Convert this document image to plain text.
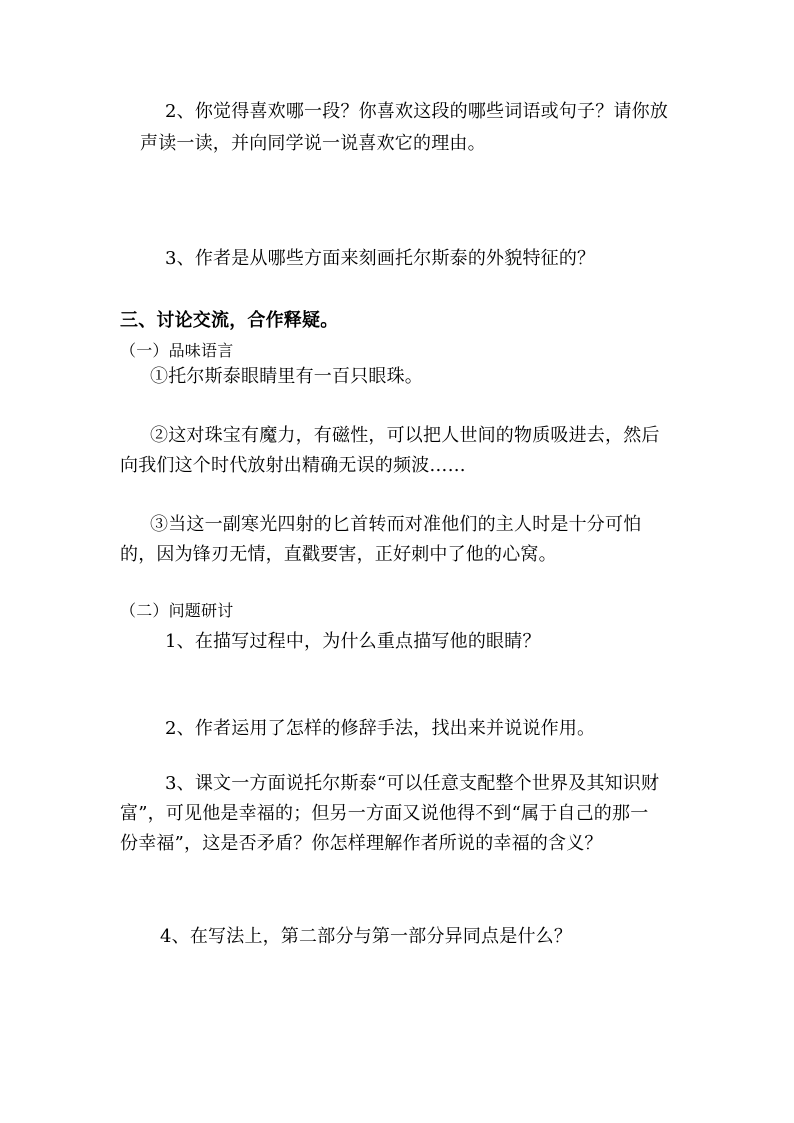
2、你觉得喜欢哪一段？你喜欢这段的哪些词语或句子？请你放
声读一读，并向同学说一说喜欢它的理由。
3、作者是从哪些方面来刻画托尔斯泰的外貌特征的？
三、讨论交流，合作释疑。
（一）品味语言
①托尔斯泰眼睛里有一百只眼珠。
②这对珠宝有魔力，有磁性，可以把人世间的物质吸进去，然后
向我们这个时代放射出精确无误的频波……
③当这一副寒光四射的匕首转而对准他们的主人时是十分可怕
的，因为锋刃无情，直戳要害，正好刺中了他的心窝。
（二）问题研讨
1、在描写过程中，为什么重点描写他的眼睛？
2、作者运用了怎样的修辞手法，找出来并说说作用。
3、课文一方面说托尔斯泰“可以任意支配整个世界及其知识财
富”，可见他是幸福的；但另一方面又说他得不到“属于自己的那一
份幸福”，这是否矛盾？你怎样理解作者所说的幸福的含义？
4、在写法上，第二部分与第一部分异同点是什么？
